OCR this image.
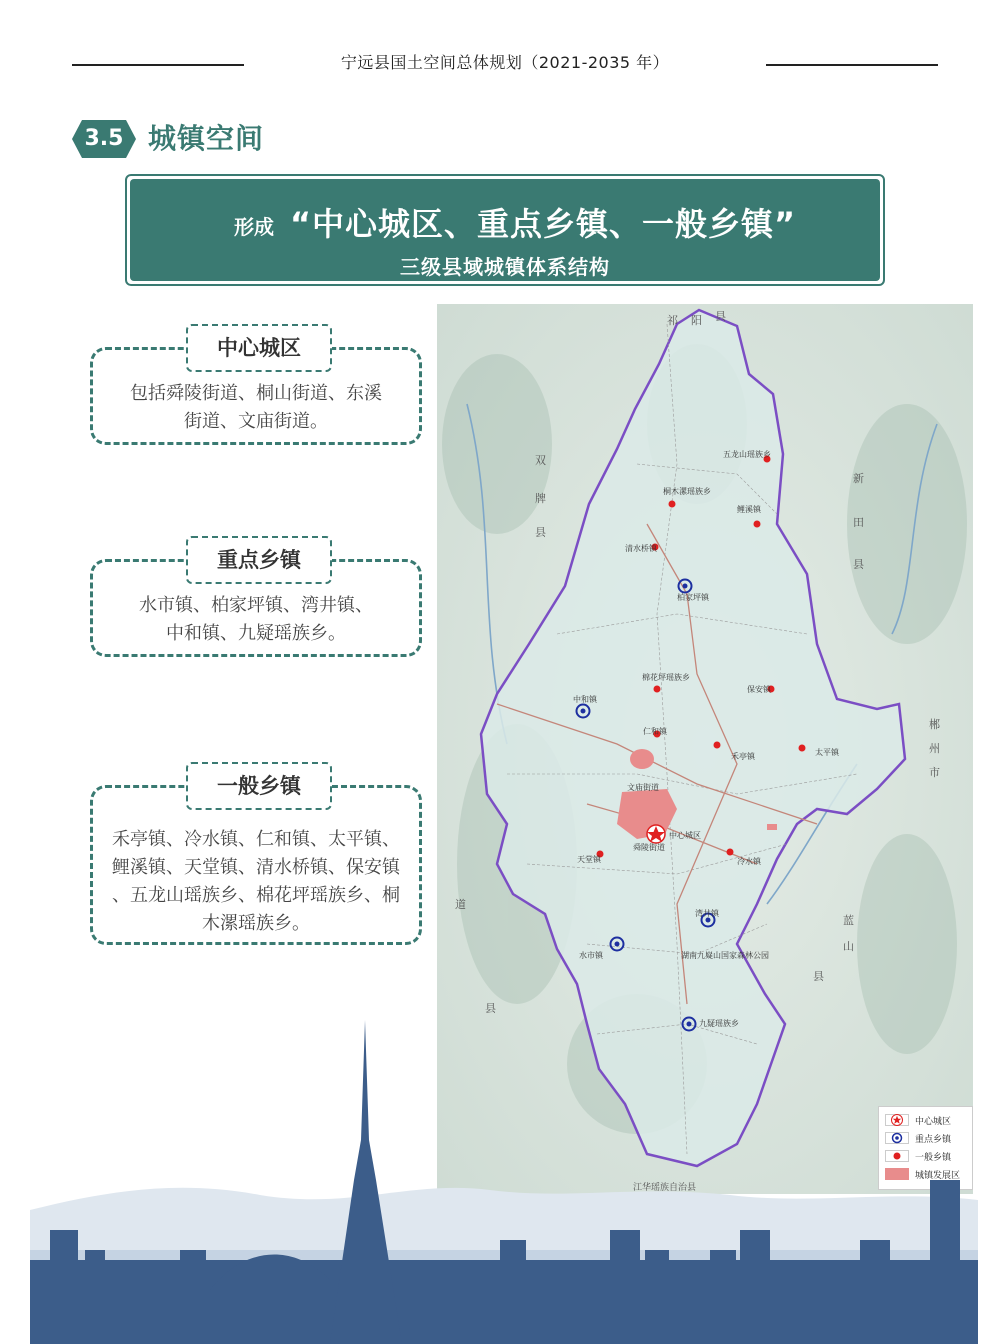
宁远县国土空间总体规划（2021-2035 年）
3.5 城镇空间
形成 “中心城区、重点乡镇、一般乡镇”
三级县域城镇体系结构
包括舜陵街道、桐山街道、东溪
街道、文庙街道。
中心城区
水市镇、柏家坪镇、湾井镇、
中和镇、九疑瑶族乡。
重点乡镇
禾亭镇、冷水镇、仁和镇、太平镇、
鲤溪镇、天堂镇、清水桥镇、保安镇
、五龙山瑶族乡、棉花坪瑶族乡、桐
木漯瑶族乡。
一般乡镇
五龙山瑶族乡
桐木漯瑶族乡
鲤溪镇
清水桥镇
柏家坪镇
中和镇
棉花坪瑶族乡
保安镇
仁和镇
禾亭镇	太平镇
文庙街道
中心城区
舜陵街道
天堂镇	冷水镇
湾井镇
水市镇
九疑瑶族乡
湖南九嶷山国家森林公园
祁 阳 县
双
牌
县
新
田
县
郴
州
市
道
县
蓝
山
县
江华瑶族自治县
中心城区
重点乡镇
一般乡镇
城镇发展区
